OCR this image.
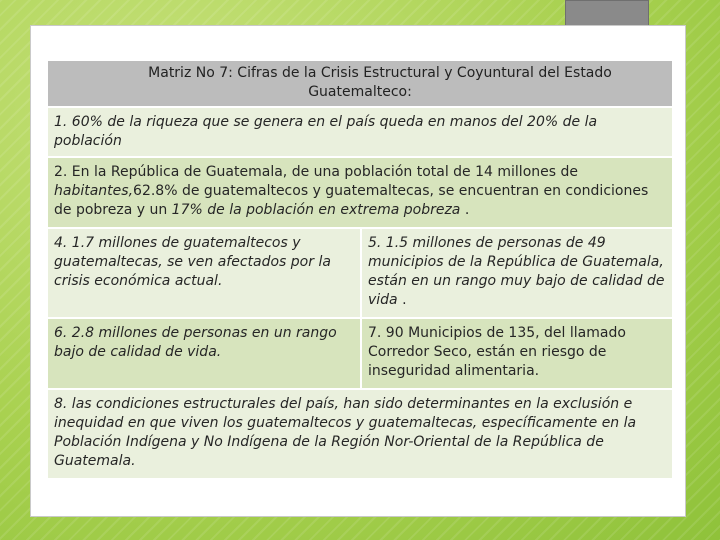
Matriz No 7: Cifras de la Crisis Estructural y Coyuntural del Estado
Guatemalteco:	
1. 60% de la riqueza que se genera en el país queda en manos del 20% de la población	
2. En la República de Guatemala, de una población total de 14 millones de habitantes,62.8% de guatemaltecos y guatemaltecas, se encuentran en condiciones de pobreza y un 17% de la población en extrema pobreza .	
4. 1.7 millones de guatemaltecos y guatemaltecas, se ven afectados por la crisis económica actual.	5. 1.5 millones de personas de 49 municipios de la República de Guatemala, están en un rango muy bajo de calidad de vida .
6. 2.8 millones de personas en un rango bajo de calidad de vida.	7. 90 Municipios de 135, del llamado Corredor Seco, están en riesgo de inseguridad alimentaria.
8. las condiciones estructurales del país, han sido determinantes en la exclusión e inequidad en que viven los guatemaltecos y guatemaltecas, específicamente en la Población Indígena y No Indígena de la Región Nor-Oriental de la República de Guatemala.	
